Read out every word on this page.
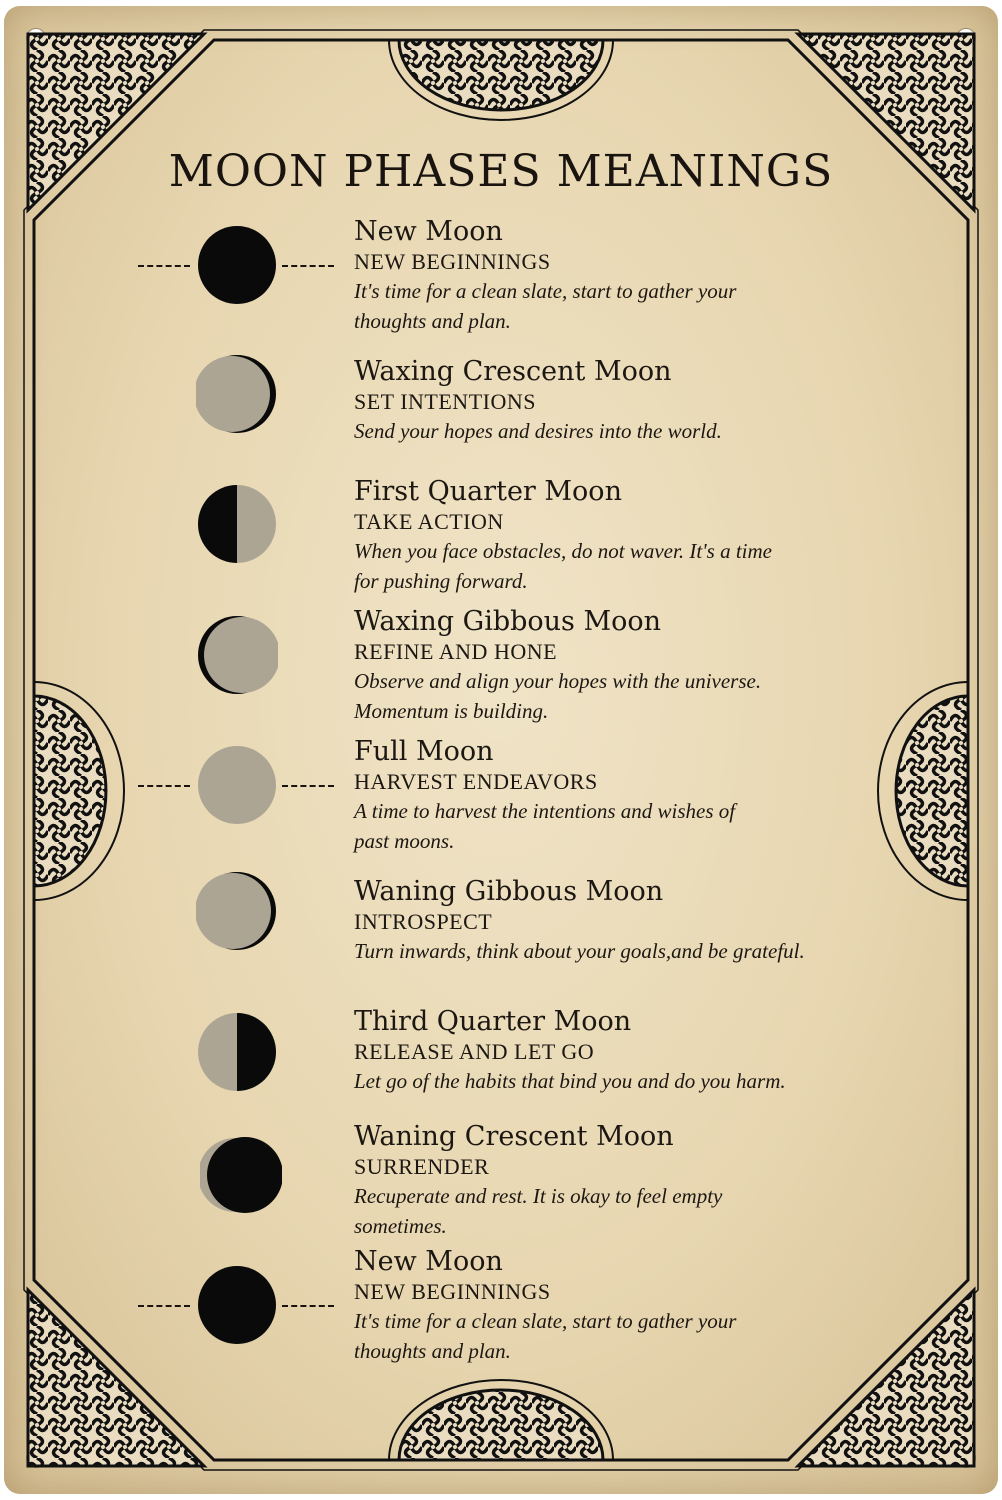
MOON PHASES MEANINGS
New Moon
NEW BEGINNINGS
It's time for a clean slate, start to gather your
thoughts and plan.
Waxing Crescent Moon
SET INTENTIONS
Send your hopes and desires into the world.
First Quarter Moon
TAKE ACTION
When you face obstacles, do not waver. It's a time
for pushing forward.
Waxing Gibbous Moon
REFINE AND HONE
Observe and align your hopes with the universe.
Momentum is building.
Full Moon
HARVEST ENDEAVORS
A time to harvest the intentions and wishes of
past moons.
Waning Gibbous Moon
INTROSPECT
Turn inwards, think about your goals,and be grateful.
Third Quarter Moon
RELEASE AND LET GO
Let go of the habits that bind you and do you harm.
Waning Crescent Moon
SURRENDER
Recuperate and rest. It is okay to feel empty
sometimes.
New Moon
NEW BEGINNINGS
It's time for a clean slate, start to gather your
thoughts and plan.
